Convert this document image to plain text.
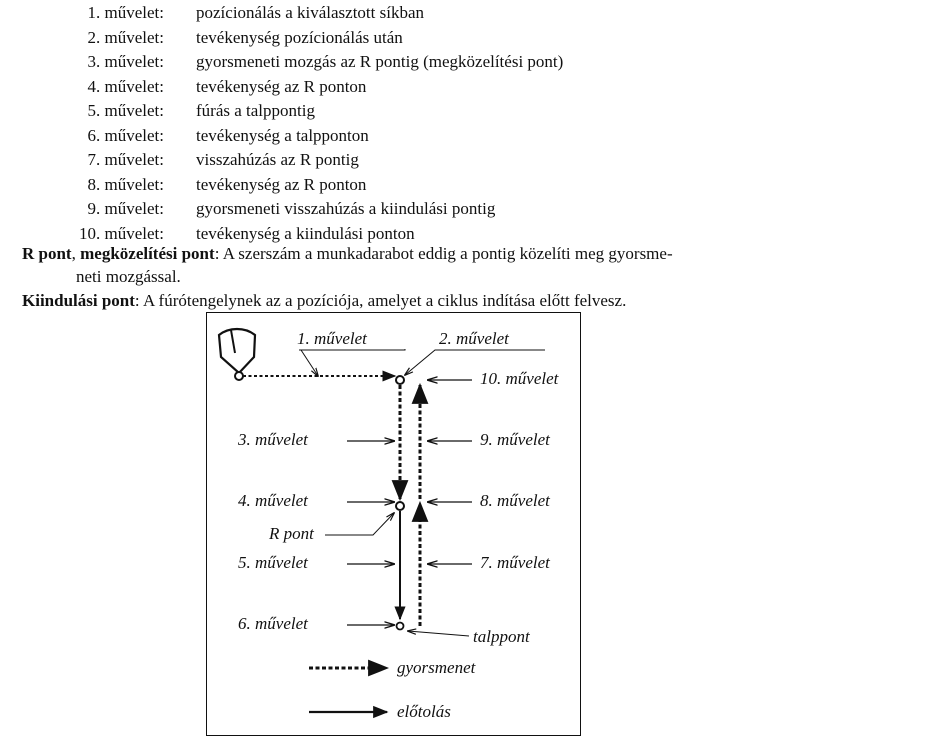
1. művelet: pozícionálás a kiválasztott síkban
2. művelet: tevékenység pozícionálás után
3. művelet: gyorsmeneti mozgás az R pontig (megközelítési pont)
4. művelet: tevékenység az R ponton
5. művelet: fúrás a talppontig
6. művelet: tevékenység a talpponton
7. művelet: visszahúzás az R pontig
8. művelet: tevékenység az R ponton
9. művelet: gyorsmeneti visszahúzás a kiindulási pontig
10. művelet: tevékenység a kiindulási ponton
R pont, megközelítési pont: A szerszám a munkadarabot eddig a pontig közelíti meg gyorsme-
neti mozgással.
Kiindulási pont: A fúrótengelynek az a pozíciója, amelyet a ciklus indítása előtt felvesz.
1. művelet	2. művelet
10. művelet
3. művelet	9. művelet
4. művelet	8. művelet
R pont
5. művelet	7. művelet
6. művelet
talppont
gyorsmenet
előtolás
